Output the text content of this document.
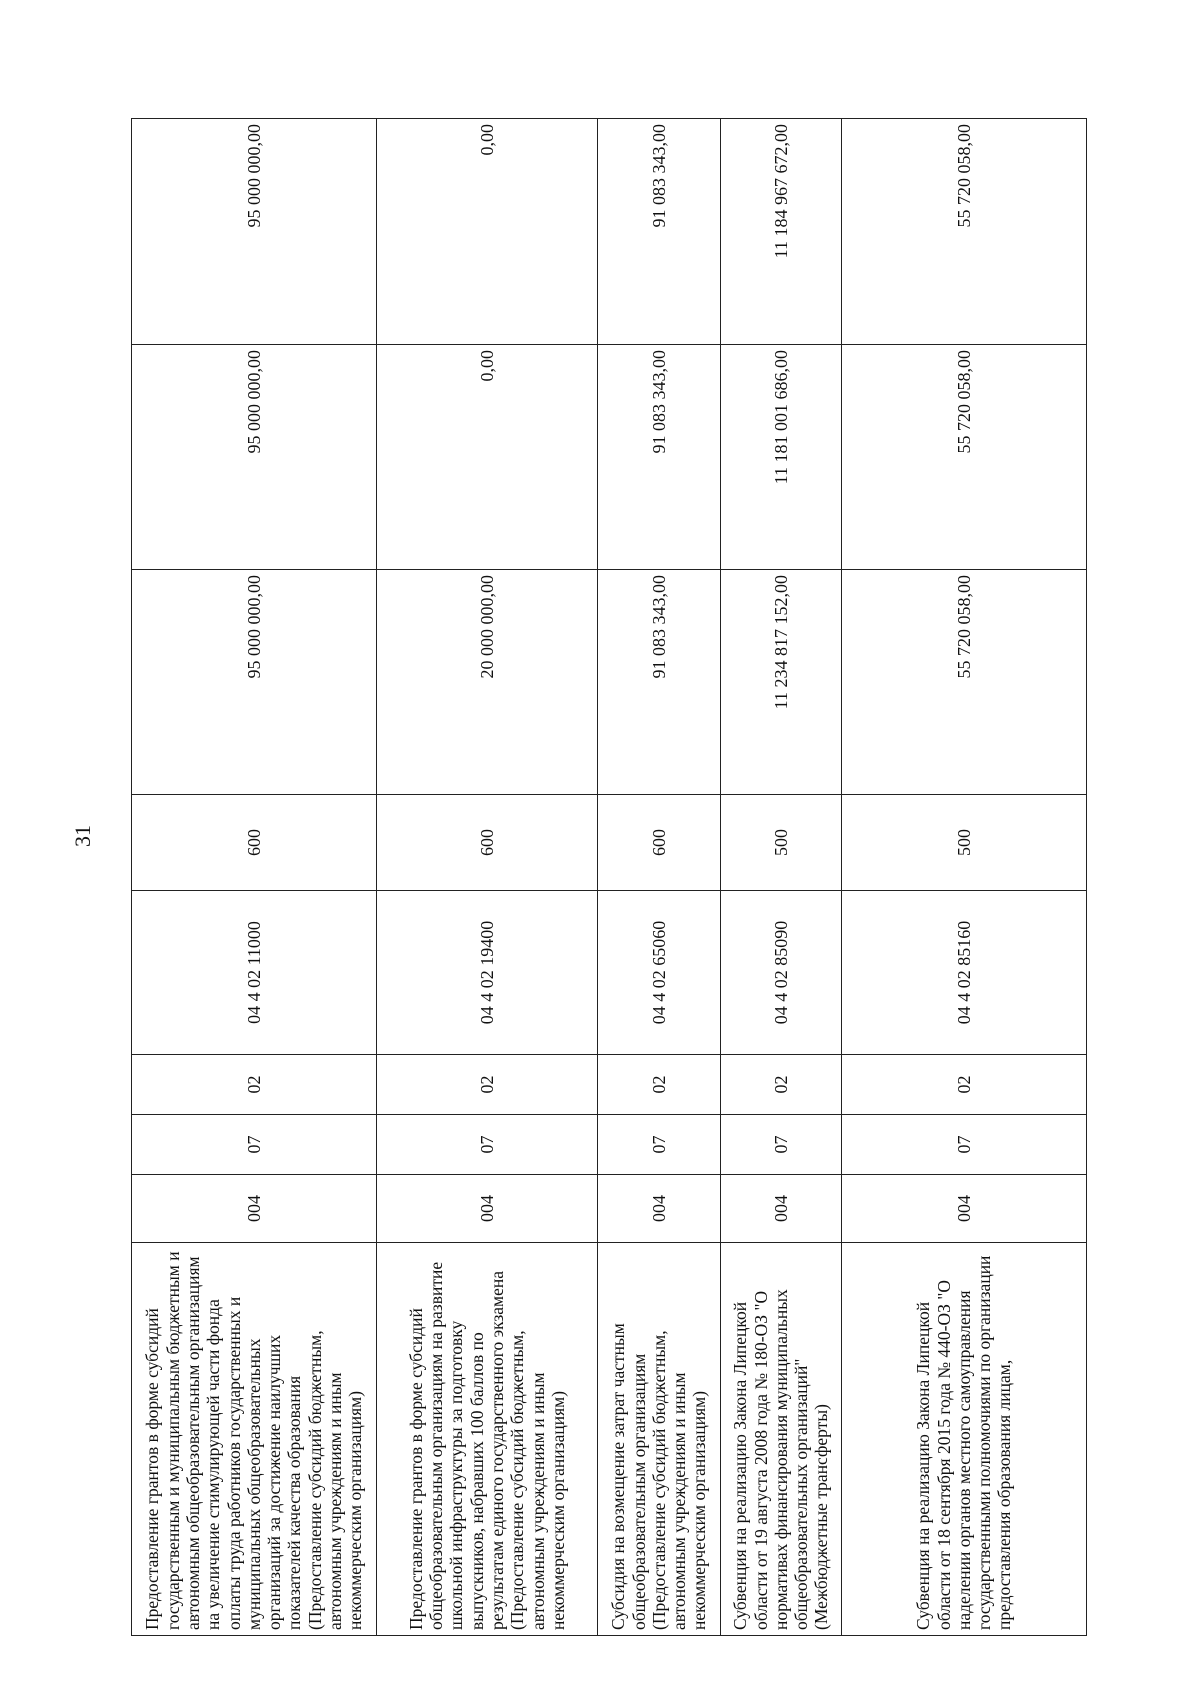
31
Предоставление грантов в форме субсидий государственным и муниципальным бюджетным и автономным общеобразовательным организациям на увеличение стимулирующей части фонда оплаты труда работников государственных и муниципальных общеобразовательных организаций за достижение наилучших показателей качества образования (Предоставление субсидий бюджетным, автономным учреждениям и иным некоммерческим организациям)	004	07	02	04 4 02 11000	600	95 000 000,00	95 000 000,00	95 000 000,00
Предоставление грантов в форме субсидий общеобразовательным организациям на развитие школьной инфраструктуры за подготовку выпускников, набравших 100 баллов по результатам единого государственного экзамена (Предоставление субсидий бюджетным, автономным учреждениям и иным некоммерческим организациям)	004	07	02	04 4 02 19400	600	20 000 000,00	0,00	0,00
Субсидия на возмещение затрат частным общеобразовательным организациям (Предоставление субсидий бюджетным, автономным учреждениям и иным некоммерческим организациям)	004	07	02	04 4 02 65060	600	91 083 343,00	91 083 343,00	91 083 343,00
Субвенция на реализацию Закона Липецкой области от 19 августа 2008 года № 180-ОЗ "О нормативах финансирования муниципальных общеобразовательных организаций" (Межбюджетные трансферты)	004	07	02	04 4 02 85090	500	11 234 817 152,00	11 181 001 686,00	11 184 967 672,00
Субвенция на реализацию Закона Липецкой области от 18 сентября 2015 года № 440-ОЗ "О наделении органов местного самоуправления государственными полномочиями по организации предоставления образования лицам,	004	07	02	04 4 02 85160	500	55 720 058,00	55 720 058,00	55 720 058,00
